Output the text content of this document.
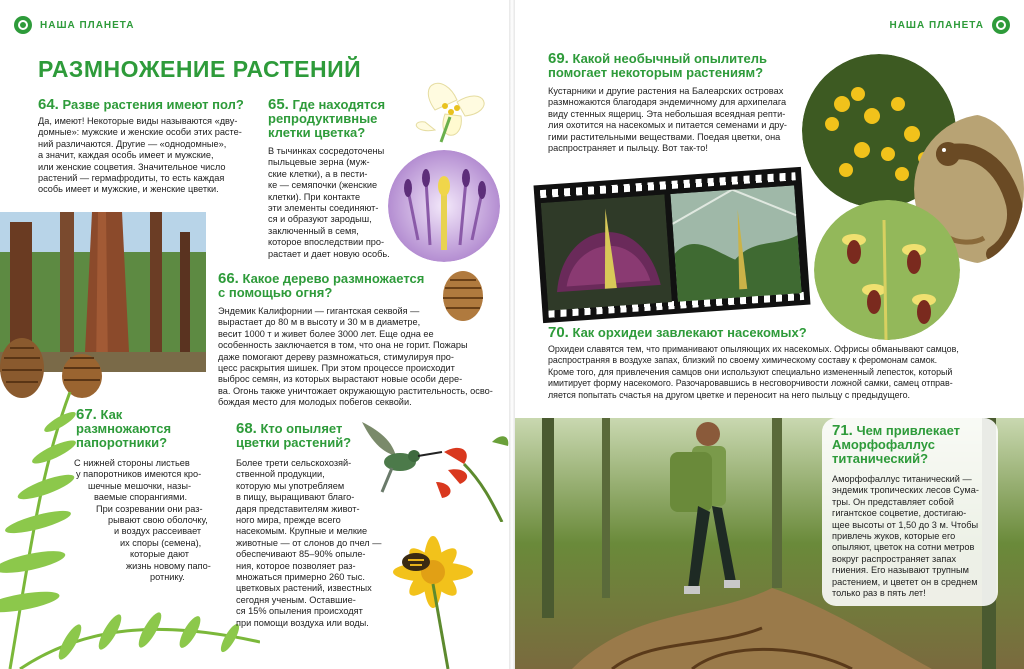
НАША ПЛАНЕТА
РАЗМНОЖЕНИЕ РАСТЕНИЙ
64. Разве растения имеют пол?
Да, имеют! Некоторые виды называются «дву-
домные»: мужские и женские особи этих расте-
ний различаются. Другие — «однодомные»,
а значит, каждая особь имеет и мужские,
или женские соцветия. Значительное число
растений — гермафродиты, то есть каждая
особь имеет и мужские, и женские цветки.
65. Где находятся
репродуктивные
клетки цветка?
В тычинках сосредоточены
пыльцевые зерна (муж-
ские клетки), а в пести-
ке — семяпочки (женские
клетки). При контакте
эти элементы соединяют-
ся и образуют зародыш,
заключенный в семя,
которое впоследствии про-
растает и дает новую особь.
66. Какое дерево размножается
с помощью огня?
Эндемик Калифорнии — гигантская секвойя —
вырастает до 80 м в высоту и 30 м в диаметре,
весит 1000 т и живет более 3000 лет. Еще одна ее
особенность заключается в том, что она не горит. Пожары
даже помогают дереву размножаться, стимулируя про-
цесс раскрытия шишек. При этом процессе происходит
выброс семян, из которых вырастают новые особи дере-
ва. Огонь также уничтожает окружающую растительность, осво-
бождая место для молодых побегов секвойи.
67. Как
размножаются
папоротники?
С нижней стороны листьев
у папоротников имеются кро-
шечные мешочки, назы-
ваемые спорангиями.
При созревании они раз-
рывают свою оболочку,
и воздух рассеивает
их споры (семена),
которые дают
жизнь новому папо-
ротнику.
68. Кто опыляет
цветки растений?
Более трети сельскохозяй-
ственной продукции,
которую мы употребляем
в пищу, выращивают благо-
даря представителям живот-
ного мира, прежде всего
насекомым. Крупные и мелкие
животные — от слонов до пчел —
обеспечивают 85–90% опыле-
ния, которое позволяет раз-
множаться примерно 260 тыс.
цветковых растений, известных
сегодня ученым. Оставшие-
ся 15% опыления происходят
при помощи воздуха или воды.
НАША ПЛАНЕТА
69. Какой необычный опылитель
помогает некоторым растениям?
Кустарники и другие растения на Балеарских островах
размножаются благодаря эндемичному для архипелага
виду стенных ящериц. Эта небольшая всеядная репти-
лия охотится на насекомых и питается семенами и дру-
гими растительными веществами. Поедая цветки, она
распространяет и пыльцу. Вот так-то!
70. Как орхидеи завлекают насекомых?
Орхидеи славятся тем, что приманивают опыляющих их насекомых. Офрисы обманывают самцов,
распространяя в воздухе запах, близкий по своему химическому составу к феромонам самок.
Кроме того, для привлечения самцов они используют специально измененный лепесток, который
имитирует форму насекомого. Разочаровавшись в несговорчивости ложной самки, самец отправ-
ляется попытать счастья на другом цветке и переносит на него пыльцу с предыдущего.
71. Чем привлекает
Аморфофаллус
титанический?
Аморфофаллус титанический —
эндемик тропических лесов Сума-
тры. Он представляет собой
гигантское соцветие, достигаю-
щее высоты от 1,50 до 3 м. Чтобы
привлечь жуков, которые его
опыляют, цветок на сотни метров
вокруг распространяет запах
гниения. Его называют трупным
растением, и цветет он в среднем
только раз в пять лет!
